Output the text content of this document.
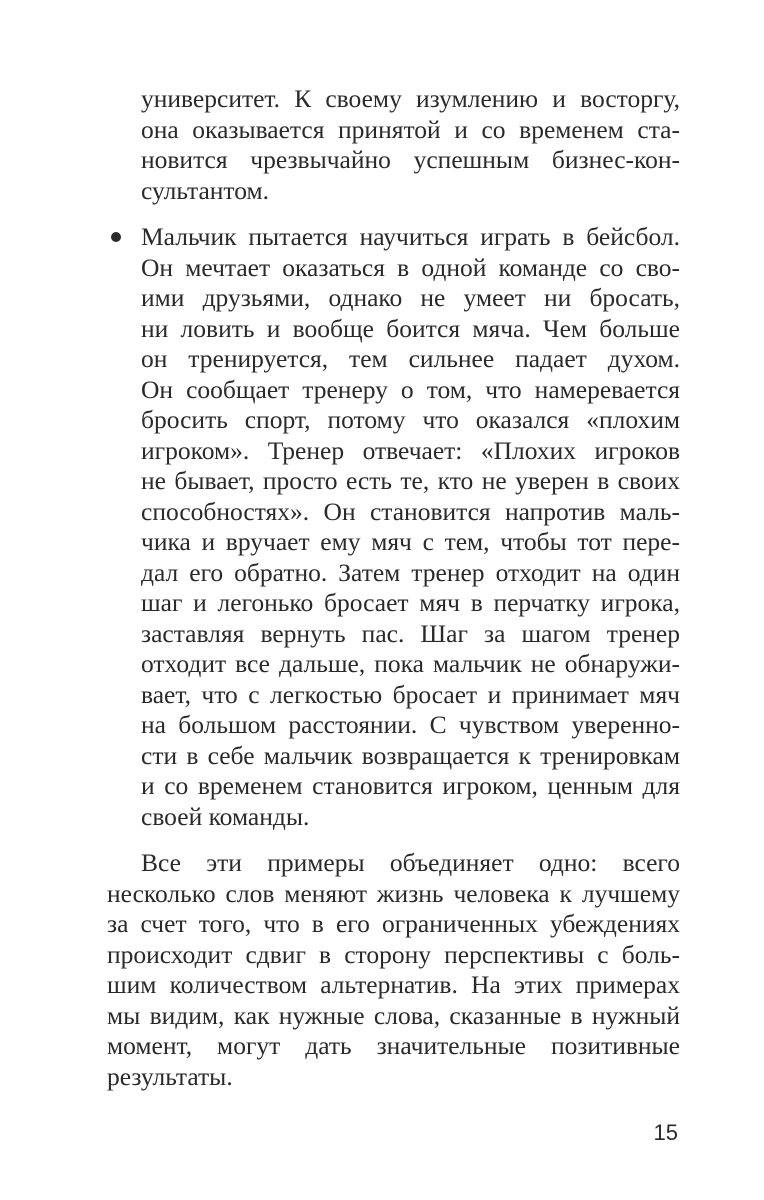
университет. К своему изумлению и восторгу,
она оказывается принятой и со временем ста-
новится чрезвычайно успешным бизнес-кон-
сультантом.
Мальчик пытается научиться играть в бейсбол.
Он мечтает оказаться в одной команде со сво-
ими друзьями, однако не умеет ни бросать,
ни ловить и вообще боится мяча. Чем больше
он тренируется, тем сильнее падает духом.
Он сообщает тренеру о том, что намеревается
бросить спорт, потому что оказался «плохим
игроком». Тренер отвечает: «Плохих игроков
не бывает, просто есть те, кто не уверен в своих
способностях». Он становится напротив маль-
чика и вручает ему мяч с тем, чтобы тот пере-
дал его обратно. Затем тренер отходит на один
шаг и легонько бросает мяч в перчатку игрока,
заставляя вернуть пас. Шаг за шагом тренер
отходит все дальше, пока мальчик не обнаружи-
вает, что с легкостью бросает и принимает мяч
на большом расстоянии. С чувством уверенно-
сти в себе мальчик возвращается к тренировкам
и со временем становится игроком, ценным для
своей команды.
Все эти примеры объединяет одно: всего
несколько слов меняют жизнь человека к лучшему
за счет того, что в его ограниченных убеждениях
происходит сдвиг в сторону перспективы с боль-
шим количеством альтернатив. На этих примерах
мы видим, как нужные слова, сказанные в нужный
момент, могут дать значительные позитивные
результаты.
15
